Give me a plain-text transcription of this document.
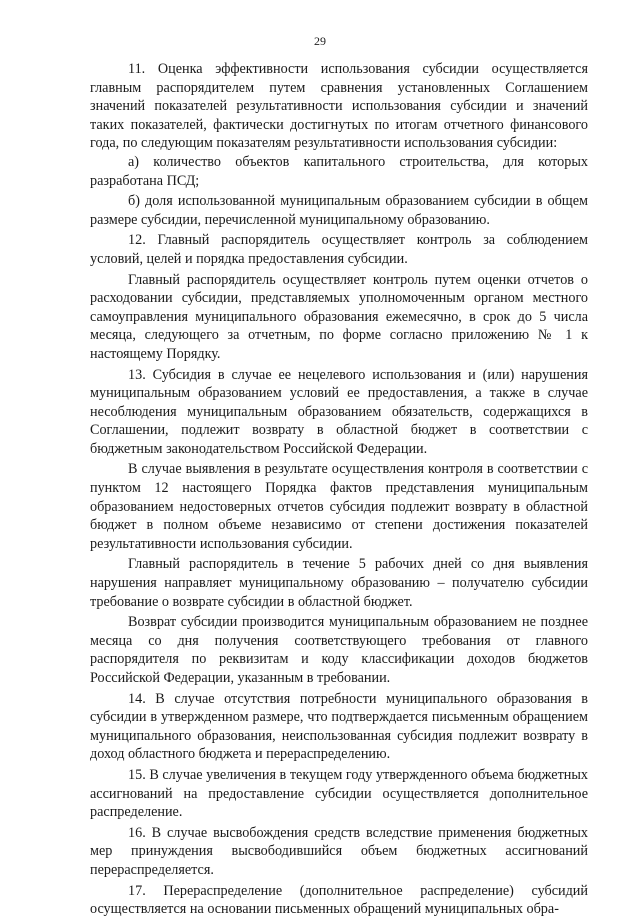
29

11. Оценка эффективности использования субсидии осуществляется главным распорядителем путем сравнения установленных Соглашением значений показателей результативности использования субсидии и значений таких показателей, фактически достигнутых по итогам отчетного финансового года, по следующим показателям результативности использования субсидии:

а) количество объектов капитального строительства, для которых разработана ПСД;

б) доля использованной муниципальным образованием субсидии в общем размере субсидии, перечисленной муниципальному образованию.

12. Главный распорядитель осуществляет контроль за соблюдением условий, целей и порядка предоставления субсидии.

Главный распорядитель осуществляет контроль путем оценки отчетов о расходовании субсидии, представляемых уполномоченным органом местного самоуправления муниципального образования ежемесячно, в срок до 5 числа месяца, следующего за отчетным, по форме согласно приложению № 1 к настоящему Порядку.

13. Субсидия в случае ее нецелевого использования и (или) нарушения муниципальным образованием условий ее предоставления, а также в случае несоблюдения муниципальным образованием обязательств, содержащихся в Соглашении, подлежит возврату в областной бюджет в соответствии с бюджетным законодательством Российской Федерации.

В случае выявления в результате осуществления контроля в соответствии с пунктом 12 настоящего Порядка фактов представления муниципальным образованием недостоверных отчетов субсидия подлежит возврату в областной бюджет в полном объеме независимо от степени достижения показателей результативности использования субсидии.

Главный распорядитель в течение 5 рабочих дней со дня выявления нарушения направляет муниципальному образованию – получателю субсидии требование о возврате субсидии в областной бюджет.

Возврат субсидии производится муниципальным образованием не позднее месяца со дня получения соответствующего требования от главного распорядителя по реквизитам и коду классификации доходов бюджетов Российской Федерации, указанным в требовании.

14. В случае отсутствия потребности муниципального образования в субсидии в утвержденном размере, что подтверждается письменным обращением муниципального образования, неиспользованная субсидия подлежит возврату в доход областного бюджета и перераспределению.

15. В случае увеличения в текущем году утвержденного объема бюджетных ассигнований на предоставление субсидии осуществляется дополнительное распределение.

16. В случае высвобождения средств вследствие применения бюджетных мер принуждения высвободившийся объем бюджетных ассигнований перераспределяется.

17. Перераспределение (дополнительное распределение) субсидий осуществляется на основании письменных обращений муниципальных обра-
